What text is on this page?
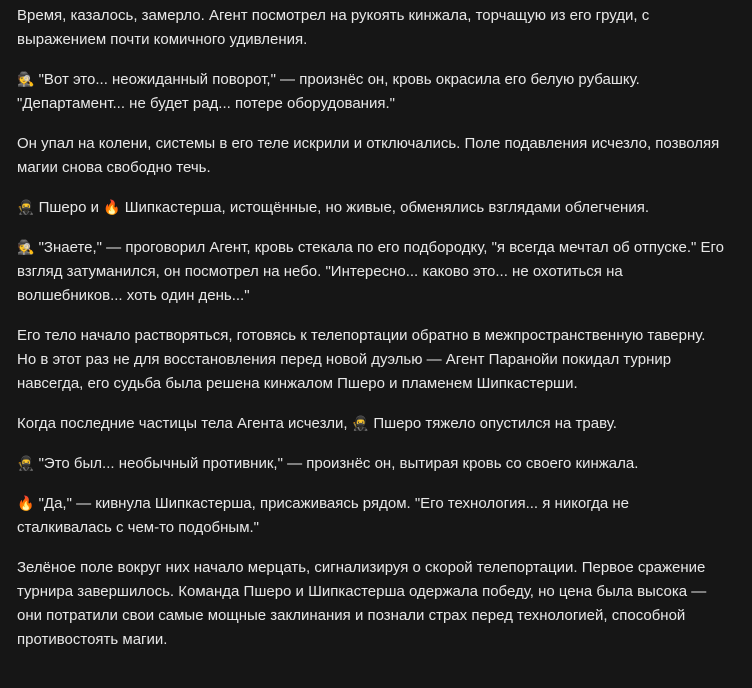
Время, казалось, замерло. Агент посмотрел на рукоять кинжала, торчащую из его груди, с выражением почти комичного удивления.

🕵 "Вот это... неожиданный поворот," — произнёс он, кровь окрасила его белую рубашку. "Департамент... не будет рад... потере оборудования."

Он упал на колени, системы в его теле искрили и отключались. Поле подавления исчезло, позволяя магии снова свободно течь.

🥷 Пшеро и 🔥 Шипкастерша, истощённые, но живые, обменялись взглядами облегчения.

🕵 "Знаете," — проговорил Агент, кровь стекала по его подбородку, "я всегда мечтал об отпуске." Его взгляд затуманился, он посмотрел на небо. "Интересно... каково это... не охотиться на волшебников... хоть один день..."

Его тело начало растворяться, готовясь к телепортации обратно в межпространственную таверну. Но в этот раз не для восстановления перед новой дуэлью — Агент Паранойи покидал турнир навсегда, его судьба была решена кинжалом Пшеро и пламенем Шипкастерши.

Когда последние частицы тела Агента исчезли, 🥷 Пшеро тяжело опустился на траву.

🥷 "Это был... необычный противник," — произнёс он, вытирая кровь со своего кинжала.

🔥 "Да," — кивнула Шипкастерша, присаживаясь рядом. "Его технология... я никогда не сталкивалась с чем-то подобным."

Зелёное поле вокруг них начало мерцать, сигнализируя о скорой телепортации. Первое сражение турнира завершилось. Команда Пшеро и Шипкастерша одержала победу, но цена была высока — они потратили свои самые мощные заклинания и познали страх перед технологией, способной противостоять магии.
